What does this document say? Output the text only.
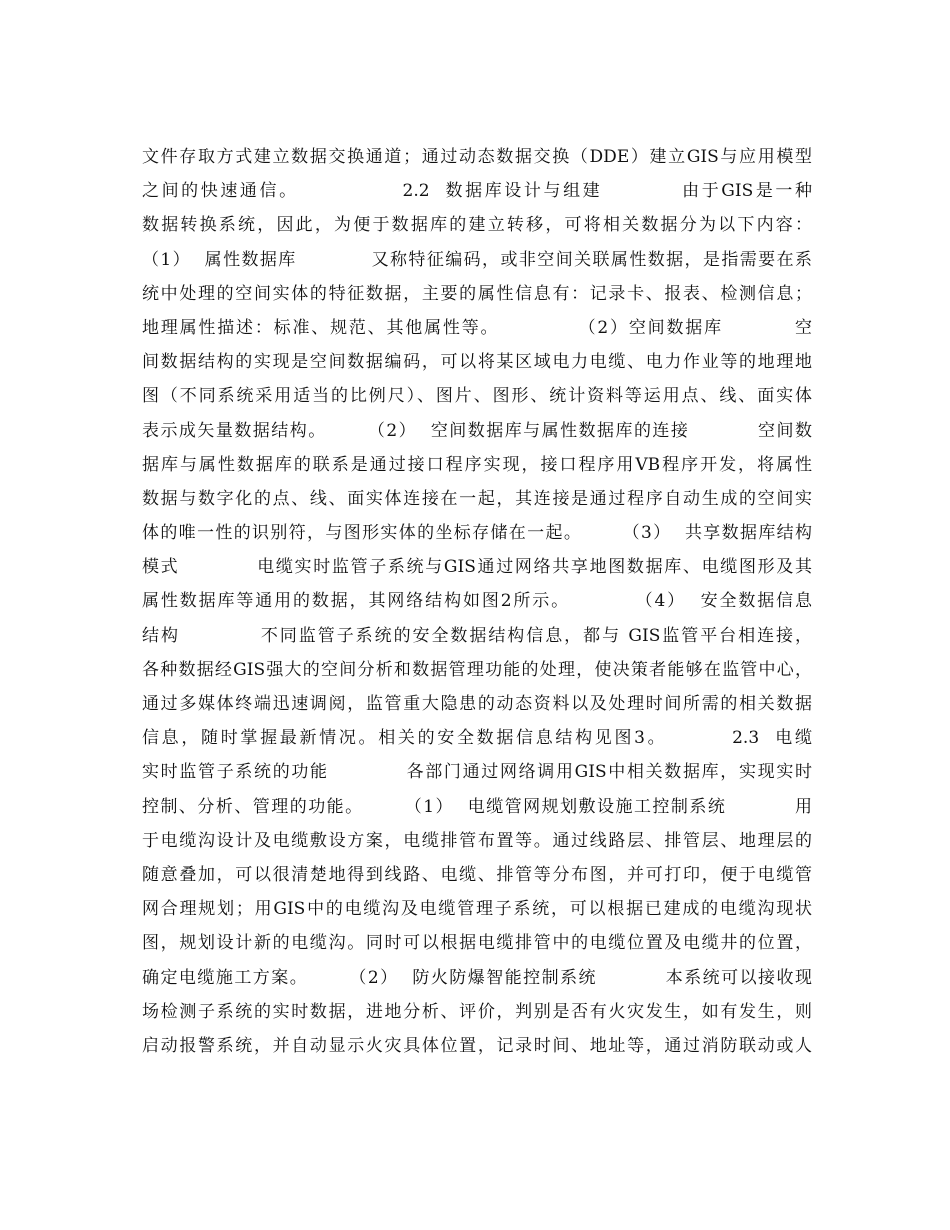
文件存取方式建立数据交换通道；通过动态数据交换（DDE）建立GIS与应用模型
之间的快速通信。             2.2  数据库设计与组建          由于GIS是一种
数据转换系统，因此，为便于数据库的建立转移，可将相关数据分为以下内容：
（1）  属性数据库           又称特征编码，或非空间关联属性数据，是指需要在系
统中处理的空间实体的特征数据，主要的属性信息有：记录卡、报表、检测信息；
地理属性描述：标准、规范、其他属性等。           （2）空间数据库          空
间数据结构的实现是空间数据编码，可以将某区域电力电缆、电力作业等的地理地
图（不同系统采用适当的比例尺）、图片、图形、统计资料等运用点、线、面实体
表示成矢量数据结构。      （2）  空间数据库与属性数据库的连接          空间数
据库与属性数据库的联系是通过接口程序实现，接口程序用VB程序开发，将属性
数据与数字化的点、线、面实体连接在一起，其连接是通过程序自动生成的空间实
体的唯一性的识别符，与图形实体的坐标存储在一起。      （3）  共享数据库结构
模式           电缆实时监管子系统与GIS通过网络共享地图数据库、电缆图形及其
属性数据库等通用的数据，其网络结构如图2所示。         （4）  安全数据信息
结构           不同监管子系统的安全数据结构信息，都与 GIS监管平台相连接，
各种数据经GIS强大的空间分析和数据管理功能的处理，使决策者能够在监管中心，
通过多媒体终端迅速调阅，监管重大隐患的动态资料以及处理时间所需的相关数据
信息，随时掌握最新情况。相关的安全数据信息结构见图3。        2.3  电缆
实时监管子系统的功能           各部门通过网络调用GIS中相关数据库，实现实时
控制、分析、管理的功能。      （1）  电缆管网规划敷设施工控制系统          用
于电缆沟设计及电缆敷设方案，电缆排管布置等。通过线路层、排管层、地理层的
随意叠加，可以很清楚地得到线路、电缆、排管等分布图，并可打印，便于电缆管
网合理规划；用GIS中的电缆沟及电缆管理子系统，可以根据已建成的电缆沟现状
图，规划设计新的电缆沟。同时可以根据电缆排管中的电缆位置及电缆井的位置，
确定电缆施工方案。      （2）  防火防爆智能控制系统          本系统可以接收现
场检测子系统的实时数据，进地分析、评价，判别是否有火灾发生，如有发生，则
启动报警系统，并自动显示火灾具体位置，记录时间、地址等，通过消防联动或人
